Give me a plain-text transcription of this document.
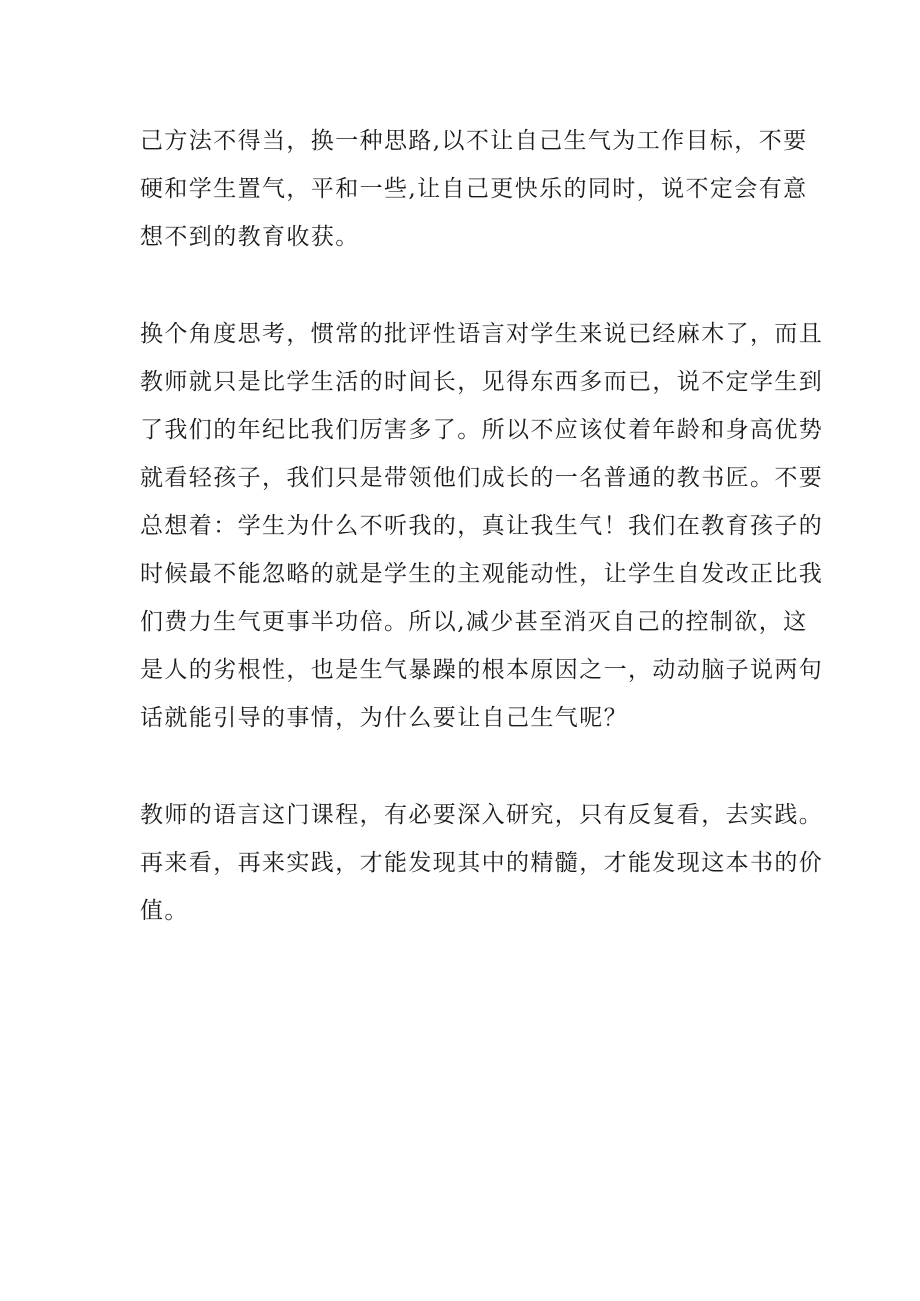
己方法不得当，换一种思路,以不让自己生气为工作目标，不要
硬和学生置气，平和一些,让自己更快乐的同时，说不定会有意
想不到的教育收获。
换个角度思考，惯常的批评性语言对学生来说已经麻木了，而且
教师就只是比学生活的时间长，见得东西多而已，说不定学生到
了我们的年纪比我们厉害多了。所以不应该仗着年龄和身高优势
就看轻孩子，我们只是带领他们成长的一名普通的教书匠。不要
总想着：学生为什么不听我的，真让我生气！我们在教育孩子的
时候最不能忽略的就是学生的主观能动性，让学生自发改正比我
们费力生气更事半功倍。所以,减少甚至消灭自己的控制欲，这
是人的劣根性，也是生气暴躁的根本原因之一，动动脑子说两句
话就能引导的事情，为什么要让自己生气呢？
教师的语言这门课程，有必要深入研究，只有反复看，去实践。
再来看，再来实践，才能发现其中的精髓，才能发现这本书的价
值。
